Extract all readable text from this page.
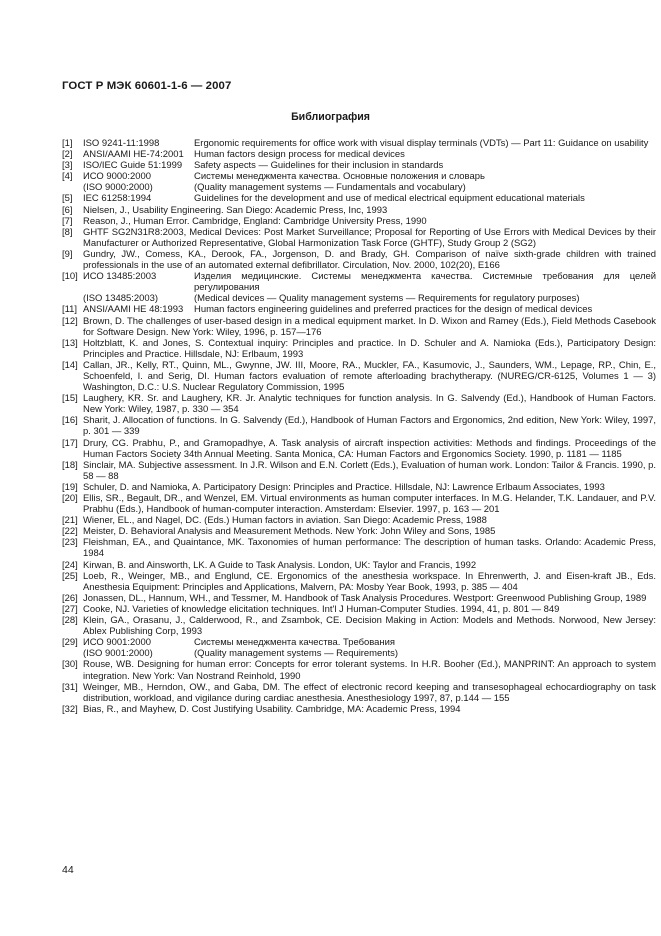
ГОСТ Р МЭК 60601-1-6 — 2007
Библиография
[1]	ISO 9241-11:1998	Ergonomic requirements for office work with visual display terminals (VDTs) — Part 11: Guidance on usability
[2]	ANSI/AAMI HE-74:2001	Human factors design process for medical devices
[3]	ISO/IEC Guide 51:1999	Safety aspects — Guidelines for their inclusion in standards
[4]	ИСО 9000:2000	Системы менеджмента качества. Основные положения и словарь
(ISO 9000:2000)	(Quality management systems — Fundamentals and vocabulary)
[5]	IEC 61258:1994	Guidelines for the development and use of medical electrical equipment educational materials
[6]	Nielsen, J., Usability Engineering. San Diego: Academic Press, Inc, 1993
[7]	Reason, J., Human Error. Cambridge, England: Cambridge University Press, 1990
[8]	GHTF SG2N31R8:2003, Medical Devices: Post Market Surveillance; Proposal for Reporting of Use Errors with Medical Devices by their Manufacturer or Authorized Representative, Global Harmonization Task Force (GHTF), Study Group 2 (SG2)
[9]	Gundry, JW., Comess, KA., Derook, FA., Jorgenson, D. and Brady, GH. Comparison of naïve sixth-grade children with trained professionals in the use of an automated external defibrillator. Circulation, Nov. 2000, 102(20), E166
[10] ИСО 13485:2003	Изделия медицинские. Системы менеджмента качества. Системные требования для целей регулирования
(ISO 13485:2003)	(Medical devices — Quality management systems — Requirements for regulatory purposes)
[11] ANSI/AAMI HE 48:1993	Human factors engineering guidelines and preferred practices for the design of medical devices
[12] Brown, D. The challenges of user-based design in a medical equipment market. In D. Wixon and Ramey (Eds.), Field Methods Casebook for Software Design. New York: Wiley, 1996, p. 157—176
[13] Holtzblatt, K. and Jones, S. Contextual inquiry: Principles and practice. In D. Schuler and A. Namioka (Eds.), Participatory Design: Principles and Practice. Hillsdale, NJ: Erlbaum, 1993
[14] Callan, JR., Kelly, RT., Quinn, ML., Gwynne, JW. III, Moore, RA., Muckler, FA., Kasumovic, J., Saunders, WM., Lepage, RP., Chin, E., Schoenfeld, I. and Serig, DI. Human factors evaluation of remote afterloading brachytherapy. (NUREG/CR-6125, Volumes 1 — 3) Washington, D.C.: U.S. Nuclear Regulatory Commission, 1995
[15] Laughery, KR. Sr. and Laughery, KR. Jr. Analytic techniques for function analysis. In G. Salvendy (Ed.), Handbook of Human Factors. New York: Wiley, 1987, p. 330 — 354
[16] Sharit, J. Allocation of functions. In G. Salvendy (Ed.), Handbook of Human Factors and Ergonomics, 2nd edition, New York: Wiley, 1997, p. 301 — 339
[17] Drury, CG. Prabhu, P., and Gramopadhye, A. Task analysis of aircraft inspection activities: Methods and findings. Proceedings of the Human Factors Society 34th Annual Meeting. Santa Monica, CA: Human Factors and Ergonomics Society. 1990, p. 1181 — 1185
[18] Sinclair, MA. Subjective assessment. In J.R. Wilson and E.N. Corlett (Eds.), Evaluation of human work. London: Tailor & Francis. 1990, p. 58 — 88
[19] Schuler, D. and Namioka, A. Participatory Design: Principles and Practice. Hillsdale, NJ: Lawrence Erlbaum Associates, 1993
[20] Ellis, SR., Begault, DR., and Wenzel, EM. Virtual environments as human computer interfaces. In M.G. Helander, T.K. Landauer, and P.V. Prabhu (Eds.), Handbook of human-computer interaction. Amsterdam: Elsevier. 1997, p. 163 — 201
[21] Wiener, EL., and Nagel, DC. (Eds.) Human factors in aviation. San Diego: Academic Press, 1988
[22] Meister, D. Behavioral Analysis and Measurement Methods. New York: John Wiley and Sons, 1985
[23] Fleishman, EA., and Quaintance, MK. Taxonomies of human performance: The description of human tasks. Orlando: Academic Press, 1984
[24] Kirwan, B. and Ainsworth, LK. A Guide to Task Analysis. London, UK: Taylor and Francis, 1992
[25] Loeb, R., Weinger, MB., and Englund, CE. Ergonomics of the anesthesia workspace. In Ehrenwerth, J. and Eisen-kraft JB., Eds. Anesthesia Equipment: Principles and Applications, Malvern, PA: Mosby Year Book, 1993, p. 385 — 404
[26] Jonassen, DL., Hannum, WH., and Tessmer, M. Handbook of Task Analysis Procedures. Westport: Greenwood Publishing Group, 1989
[27] Cooke, NJ. Varieties of knowledge elicitation techniques. Int'l J Human-Computer Studies. 1994, 41, p. 801 — 849
[28] Klein, GA., Orasanu, J., Calderwood, R., and Zsambok, CE. Decision Making in Action: Models and Methods. Norwood, New Jersey: Ablex Publishing Corp, 1993
[29] ИСО 9001:2000	Системы менеджмента качества. Требования
(ISO 9001:2000)	(Quality management systems — Requirements)
[30] Rouse, WB. Designing for human error: Concepts for error tolerant systems. In H.R. Booher (Ed.), MANPRINT: An approach to system integration. New York: Van Nostrand Reinhold, 1990
[31] Weinger, MB., Herndon, OW., and Gaba, DM. The effect of electronic record keeping and transesophageal echocardiography on task distribution, workload, and vigilance during cardiac anesthesia. Anesthesiology 1997, 87, p.144 — 155
[32] Bias, R., and Mayhew, D. Cost Justifying Usability. Cambridge, MA: Academic Press, 1994
44
